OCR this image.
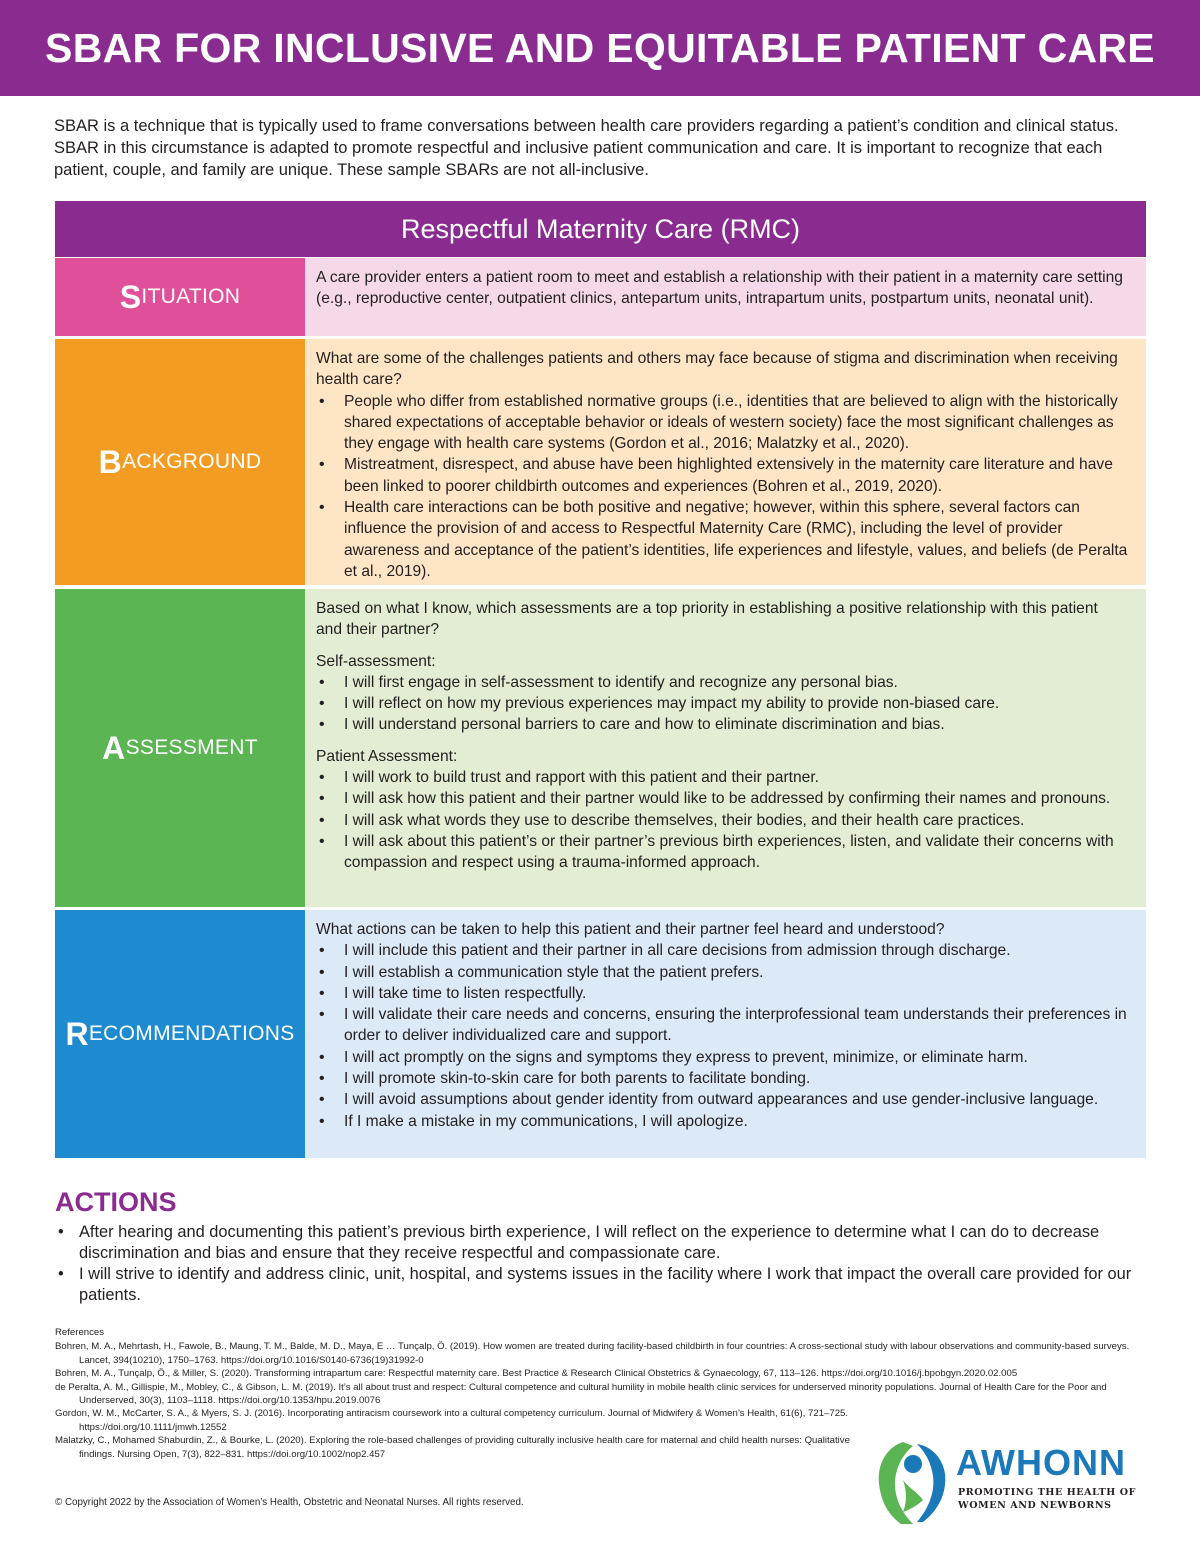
SBAR FOR INCLUSIVE AND EQUITABLE PATIENT CARE

SBAR is a technique that is typically used to frame conversations between health care providers regarding a patient’s condition and clinical status. SBAR in this circumstance is adapted to promote respectful and inclusive patient communication and care. It is important to recognize that each patient, couple, and family are unique. These sample SBARs are not all-inclusive.

Respectful Maternity Care (RMC)
S ITUATION

A care provider enters a patient room to meet and establish a relationship with their patient in a maternity care setting (e.g., reproductive center, outpatient clinics, antepartum units, intrapartum units, postpartum units, neonatal unit).

B ACKGROUND

What are some of the challenges patients and others may face because of stigma and discrimination when receiving health care?

• People who differ from established normative groups (i.e., identities that are believed to align with the historically shared expectations of acceptable behavior or ideals of western society) face the most significant challenges as they engage with health care systems (Gordon et al., 2016; Malatzky et al., 2020).
• Mistreatment, disrespect, and abuse have been highlighted extensively in the maternity care literature and have been linked to poorer childbirth outcomes and experiences (Bohren et al., 2019, 2020).
• Health care interactions can be both positive and negative; however, within this sphere, several factors can influence the provision of and access to Respectful Maternity Care (RMC), including the level of provider awareness and acceptance of the patient’s identities, life experiences and lifestyle, values, and beliefs (de Peralta et al., 2019).
A SSESSMENT

Based on what I know, which assessments are a top priority in establishing a positive relationship with this patient and their partner?

Self-assessment:

• I will first engage in self-assessment to identify and recognize any personal bias.
• I will reflect on how my previous experiences may impact my ability to provide non-biased care.
• I will understand personal barriers to care and how to eliminate discrimination and bias.

Patient Assessment:

• I will work to build trust and rapport with this patient and their partner.
• I will ask how this patient and their partner would like to be addressed by confirming their names and pronouns.
• I will ask what words they use to describe themselves, their bodies, and their health care practices.
• I will ask about this patient’s or their partner’s previous birth experiences, listen, and validate their concerns with compassion and respect using a trauma-informed approach.
R ECOMMENDATIONS

What actions can be taken to help this patient and their partner feel heard and understood?

• I will include this patient and their partner in all care decisions from admission through discharge.
• I will establish a communication style that the patient prefers.
• I will take time to listen respectfully.
• I will validate their care needs and concerns, ensuring the interprofessional team understands their preferences in order to deliver individualized care and support.
• I will act promptly on the signs and symptoms they express to prevent, minimize, or eliminate harm.
• I will promote skin-to-skin care for both parents to facilitate bonding.
• I will avoid assumptions about gender identity from outward appearances and use gender-inclusive language.
• If I make a mistake in my communications, I will apologize.
ACTIONS
• After hearing and documenting this patient’s previous birth experience, I will reflect on the experience to determine what I can do to decrease discrimination and bias and ensure that they receive respectful and compassionate care.
• I will strive to identify and address clinic, unit, hospital, and systems issues in the facility where I work that impact the overall care provided for our patients.

References

Bohren, M. A., Mehrtash, H., Fawole, B., Maung, T. M., Balde, M. D., Maya, E … Tunçalp, Ö. (2019). How women are treated during facility-based childbirth in four countries: A cross-sectional study with labour observations and community-based surveys. Lancet, 394(10210), 1750–1763. https://doi.org/10.1016/S0140-6736(19)31992-0

Bohren, M. A., Tunçalp, Ö., & Miller, S. (2020). Transforming intrapartum care: Respectful maternity care. Best Practice & Research Clinical Obstetrics & Gynaecology, 67, 113–126. https://doi.org/10.1016/j.bpobgyn.2020.02.005

de Peralta, A. M., Gillispie, M., Mobley, C., & Gibson, L. M. (2019). It’s all about trust and respect: Cultural competence and cultural humility in mobile health clinic services for underserved minority populations. Journal of Health Care for the Poor and Underserved, 30(3), 1103–1118. https://doi.org/10.1353/hpu.2019.0076

Gordon, W. M., McCarter, S. A., & Myers, S. J. (2016). Incorporating antiracism coursework into a cultural competency curriculum. Journal of Midwifery & Women’s Health, 61(6), 721–725. https://doi.org/10.1111/jmwh.12552

Malatzky, C., Mohamed Shaburdin, Z., & Bourke, L. (2020). Exploring the role-based challenges of providing culturally inclusive health care for maternal and child health nurses: Qualitative findings. Nursing Open, 7(3), 822–831. https://doi.org/10.1002/nop2.457

© Copyright 2022 by the Association of Women’s Health, Obstetric and Neonatal Nurses. All rights reserved.

AWHONN

PROMOTING THE HEALTH OF
WOMEN AND NEWBORNS
